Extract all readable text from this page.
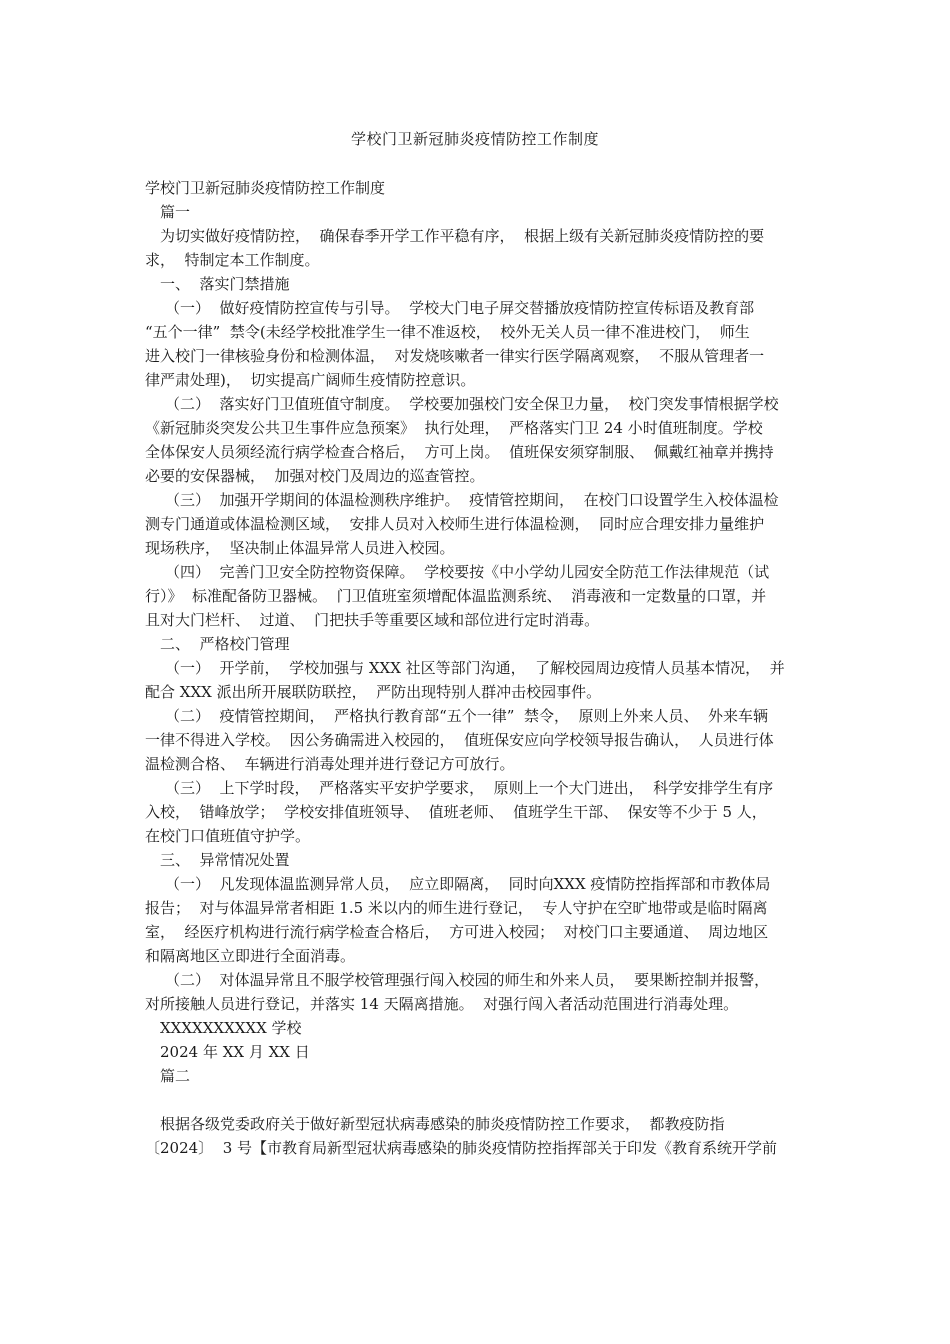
学校门卫新冠肺炎疫情防控工作制度
学校门卫新冠肺炎疫情防控工作制度
篇一
为切实做好疫情防控，  确保春季开学工作平稳有序，  根据上级有关新冠肺炎疫情防控的要
求，  特制定本工作制度。
一、  落实门禁措施
（一）  做好疫情防控宣传与引导。  学校大门电子屏交替播放疫情防控宣传标语及教育部
“五个一律”  禁令(未经学校批准学生一律不准返校，  校外无关人员一律不准进校门，  师生
进入校门一律核验身份和检测体温，  对发烧咳嗽者一律实行医学隔离观察，  不服从管理者一
律严肃处理)，  切实提高广阔师生疫情防控意识。
（二）  落实好门卫值班值守制度。  学校要加强校门安全保卫力量，  校门突发事情根据学校
《新冠肺炎突发公共卫生事件应急预案》  执行处理，  严格落实门卫 24 小时值班制度。学校
全体保安人员须经流行病学检查合格后，  方可上岗。  值班保安须穿制服、  佩戴红袖章并携持
必要的安保器械，  加强对校门及周边的巡查管控。
（三）  加强开学期间的体温检测秩序维护。  疫情管控期间，  在校门口设置学生入校体温检
测专门通道或体温检测区域，  安排人员对入校师生进行体温检测，  同时应合理安排力量维护
现场秩序，  坚决制止体温异常人员进入校园。
（四）  完善门卫安全防控物资保障。  学校要按《中小学幼儿园安全防范工作法律规范（试
行）》  标准配备防卫器械。  门卫值班室须增配体温监测系统、  消毒液和一定数量的口罩，并
且对大门栏杆、  过道、  门把扶手等重要区域和部位进行定时消毒。
二、  严格校门管理
（一）  开学前，  学校加强与 XXX 社区等部门沟通，  了解校园周边疫情人员基本情况，  并
配合 XXX 派出所开展联防联控，  严防出现特别人群冲击校园事件。
（二）  疫情管控期间，  严格执行教育部“五个一律”  禁令，  原则上外来人员、  外来车辆
一律不得进入学校。  因公务确需进入校园的，  值班保安应向学校领导报告确认，  人员进行体
温检测合格、  车辆进行消毒处理并进行登记方可放行。
（三）  上下学时段，  严格落实平安护学要求，  原则上一个大门进出，  科学安排学生有序
入校，  错峰放学；  学校安排值班领导、  值班老师、  值班学生干部、  保安等不少于 5 人，
在校门口值班值守护学。
三、  异常情况处置
（一）  凡发现体温监测异常人员，  应立即隔离，  同时向XXX 疫情防控指挥部和市教体局
报告；  对与体温异常者相距 1.5 米以内的师生进行登记，  专人守护在空旷地带或是临时隔离
室，  经医疗机构进行流行病学检查合格后，  方可进入校园；  对校门口主要通道、  周边地区
和隔离地区立即进行全面消毒。
（二）  对体温异常且不服学校管理强行闯入校园的师生和外来人员，  要果断控制并报警，
对所接触人员进行登记，并落实 14 天隔离措施。  对强行闯入者活动范围进行消毒处理。
XXXXXXXXXX 学校
2024 年 XX 月 XX 日
篇二
根据各级党委政府关于做好新型冠状病毒感染的肺炎疫情防控工作要求，  都教疫防指
〔2024〕  3 号【市教育局新型冠状病毒感染的肺炎疫情防控指挥部关于印发《教育系统开学前
